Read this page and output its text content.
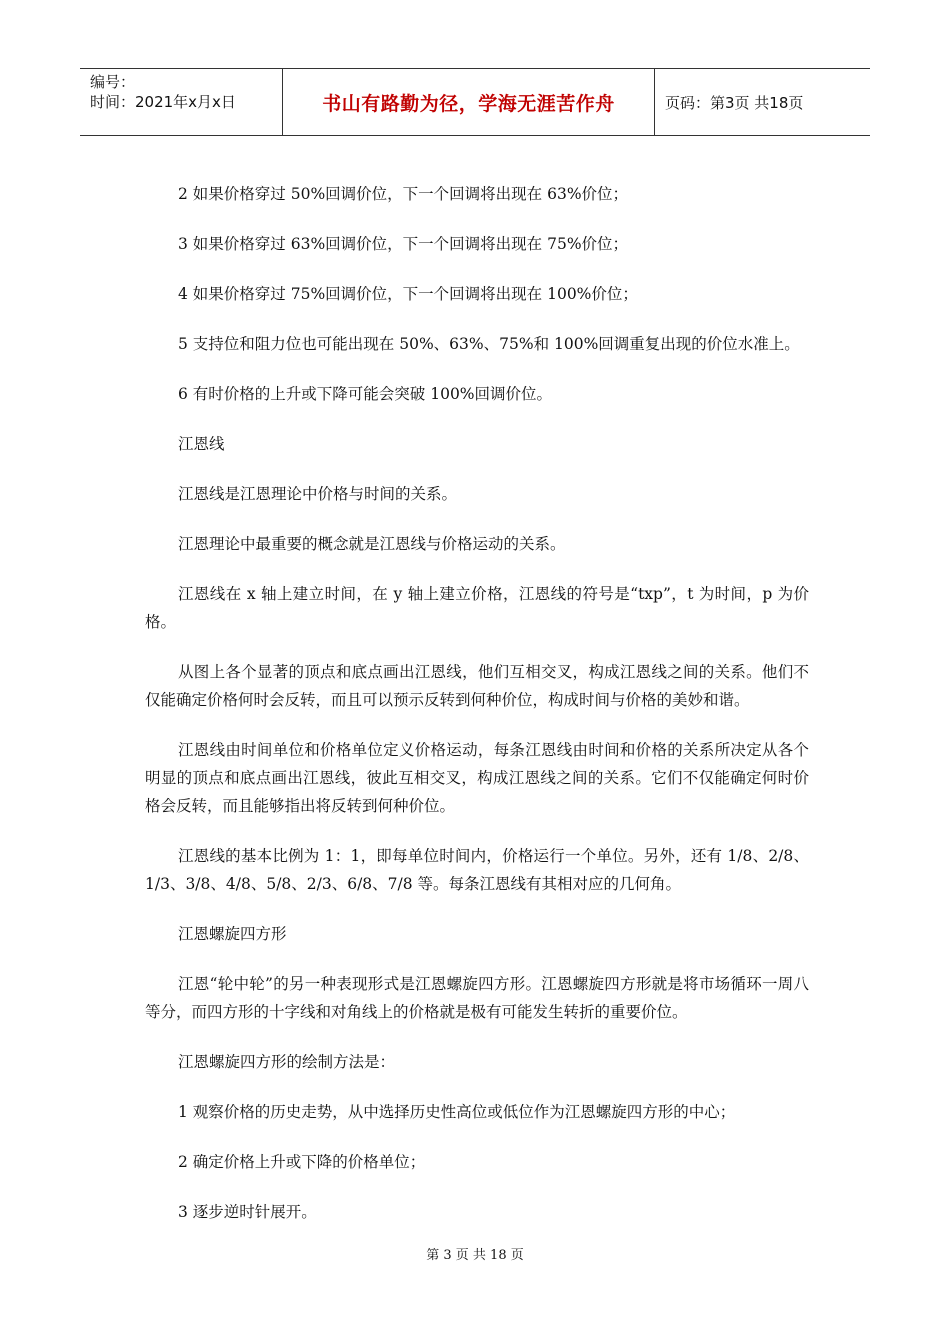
编号：
时间：2021年x月x日	书山有路勤为径，学海无涯苦作舟	页码：第3页 共18页

2 如果价格穿过 50%回调价位，下一个回调将出现在 63%价位；

3 如果价格穿过 63%回调价位，下一个回调将出现在 75%价位；

4 如果价格穿过 75%回调价位，下一个回调将出现在 100%价位；

5 支持位和阻力位也可能出现在 50%、63%、75%和 100%回调重复出现的价位水准上。

6 有时价格的上升或下降可能会突破 100%回调价位。

江恩线

江恩线是江恩理论中价格与时间的关系。

江恩理论中最重要的概念就是江恩线与价格运动的关系。

江恩线在 x 轴上建立时间，在 y 轴上建立价格，江恩线的符号是“txp”，t 为时间，p 为价格。

从图上各个显著的顶点和底点画出江恩线，他们互相交叉，构成江恩线之间的关系。他们不仅能确定价格何时会反转，而且可以预示反转到何种价位，构成时间与价格的美妙和谐。

江恩线由时间单位和价格单位定义价格运动，每条江恩线由时间和价格的关系所决定从各个明显的顶点和底点画出江恩线，彼此互相交叉，构成江恩线之间的关系。它们不仅能确定何时价格会反转，而且能够指出将反转到何种价位。

江恩线的基本比例为 1：1，即每单位时间内，价格运行一个单位。另外，还有 1/8、2/8、1/3、3/8、4/8、5/8、2/3、6/8、7/8 等。每条江恩线有其相对应的几何角。

江恩螺旋四方形

江恩“轮中轮”的另一种表现形式是江恩螺旋四方形。江恩螺旋四方形就是将市场循环一周八等分，而四方形的十字线和对角线上的价格就是极有可能发生转折的重要价位。

江恩螺旋四方形的绘制方法是：

1 观察价格的历史走势，从中选择历史性高位或低位作为江恩螺旋四方形的中心；

2 确定价格上升或下降的价格单位；

3 逐步逆时针展开。

第 3 页 共 18 页
